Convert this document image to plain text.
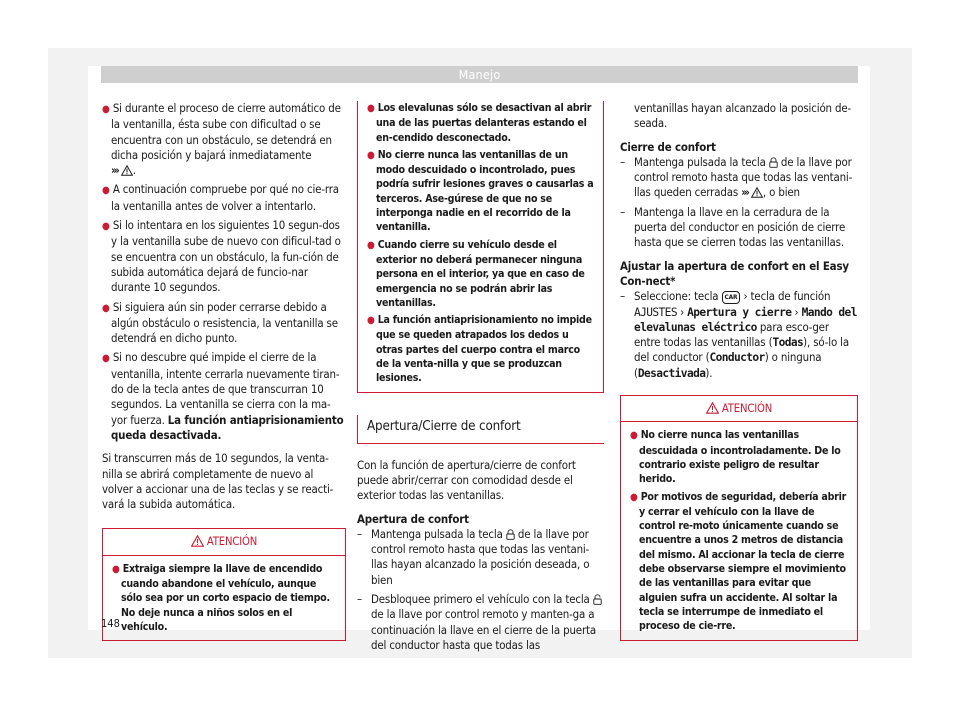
Manejo

● Si durante el proceso de cierre automático de la ventanilla, ésta sube con dificultad o se encuentra con un obstáculo, se detendrá en dicha posición y bajará inmediatamente
››› .

● A continuación compruebe por qué no cie-rra la ventanilla antes de volver a intentarlo.

● Si lo intentara en los siguientes 10 segun-dos y la ventanilla sube de nuevo con dificul-tad o se encuentra con un obstáculo, la fun-ción de subida automática dejará de funcio-nar durante 10 segundos.

● Si siguiera aún sin poder cerrarse debido a algún obstáculo o resistencia, la ventanilla se detendrá en dicho punto.

● Si no descubre qué impide el cierre de la ventanilla, intente cerrarla nuevamente tiran-do de la tecla antes de que transcurran 10 segundos. La ventanilla se cierra con la ma-yor fuerza. La función antiaprisionamiento queda desactivada.

Si transcurren más de 10 segundos, la venta-nilla se abrirá completamente de nuevo al volver a accionar una de las teclas y se reacti-vará la subida automática.

ATENCIÓN

● Extraiga siempre la llave de encendido cuando abandone el vehículo, aunque sólo sea por un corto espacio de tiempo. No deje nunca a niños solos en el vehículo.

● Los elevalunas sólo se desactivan al abrir una de las puertas delanteras estando el en-cendido desconectado.

● No cierre nunca las ventanillas de un modo descuidado o incontrolado, pues podría sufrir lesiones graves o causarlas a terceros. Ase-gúrese de que no se interponga nadie en el recorrido de la ventanilla.

● Cuando cierre su vehículo desde el exterior no deberá permanecer ninguna persona en el interior, ya que en caso de emergencia no se podrán abrir las ventanillas.

● La función antiaprisionamiento no impide que se queden atrapados los dedos u otras partes del cuerpo contra el marco de la venta-nilla y que se produzcan lesiones.

Apertura/Cierre de confort

Con la función de apertura/cierre de confort puede abrir/cerrar con comodidad desde el exterior todas las ventanillas.

Apertura de confort

– Mantenga pulsada la tecla de la llave por control remoto hasta que todas las ventani-llas hayan alcanzado la posición deseada, o bien
– Desbloquee primero el vehículo con la tecla  de la llave por control remoto y manten-ga a continuación la llave en el cierre de la puerta del conductor hasta que todas las

ventanillas hayan alcanzado la posición de-seada.

Cierre de confort

– Mantenga pulsada la tecla de la llave por control remoto hasta que todas las ventani-llas queden cerradas ››› , o bien
– Mantenga la llave en la cerradura de la puerta del conductor en posición de cierre hasta que se cierren todas las ventanillas.

Ajustar la apertura de confort en el Easy Con-nect*

– Seleccione: tecla CAR › tecla de función AJUSTES › Apertura y cierre › Mando del elevalunas eléctrico para esco-ger entre todas las ventanillas (Todas), só-lo la del conductor (Conductor) o ninguna (Desactivada).
ATENCIÓN

● No cierre nunca las ventanillas descuidada o incontroladamente. De lo contrario existe peligro de resultar herido.

● Por motivos de seguridad, debería abrir y cerrar el vehículo con la llave de control re-moto únicamente cuando se encuentre a unos 2 metros de distancia del mismo. Al accionar la tecla de cierre debe observarse siempre el movimiento de las ventanillas para evitar que alguien sufra un accidente. Al soltar la tecla se interrumpe de inmediato el proceso de cie-rre.

148
